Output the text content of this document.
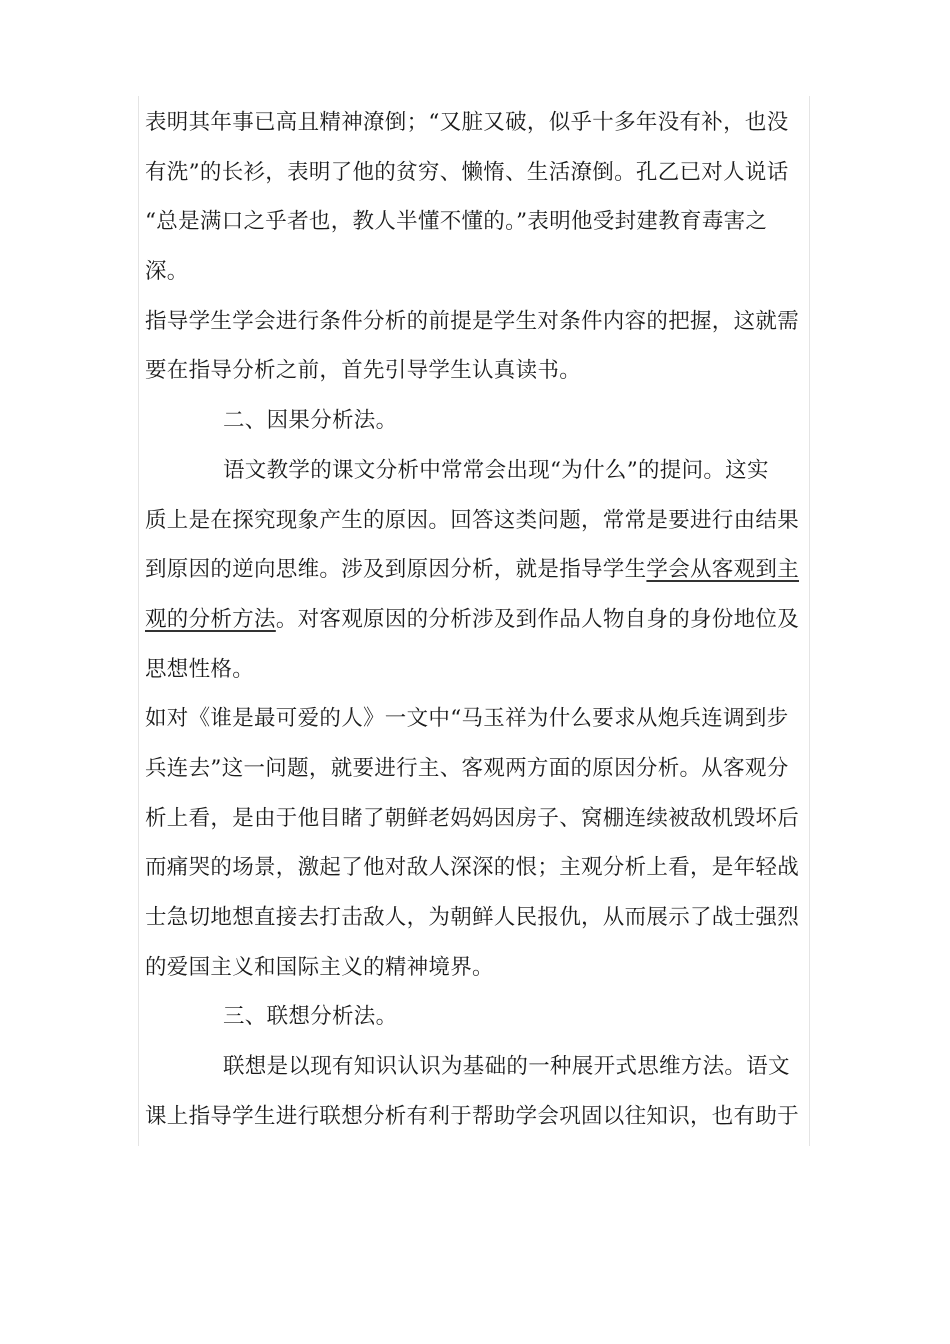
表明其年事已高且精神潦倒；“又脏又破，似乎十多年没有补，也没
有洗”的长衫，表明了他的贫穷、懒惰、生活潦倒。孔乙已对人说话
“总是满口之乎者也，教人半懂不懂的。”表明他受封建教育毒害之
深。
指导学生学会进行条件分析的前提是学生对条件内容的把握，这就需
要在指导分析之前，首先引导学生认真读书。
二、因果分析法。
语文教学的课文分析中常常会出现“为什么”的提问。这实
质上是在探究现象产生的原因。回答这类问题，常常是要进行由结果
到原因的逆向思维。涉及到原因分析，就是指导学生学会从客观到主
观的分析方法。对客观原因的分析涉及到作品人物自身的身份地位及
思想性格。
如对《谁是最可爱的人》一文中“马玉祥为什么要求从炮兵连调到步
兵连去”这一问题，就要进行主、客观两方面的原因分析。从客观分
析上看，是由于他目睹了朝鲜老妈妈因房子、窝棚连续被敌机毁坏后
而痛哭的场景，激起了他对敌人深深的恨；主观分析上看，是年轻战
士急切地想直接去打击敌人，为朝鲜人民报仇，从而展示了战士强烈
的爱国主义和国际主义的精神境界。
三、联想分析法。
联想是以现有知识认识为基础的一种展开式思维方法。语文
课上指导学生进行联想分析有利于帮助学会巩固以往知识，也有助于
